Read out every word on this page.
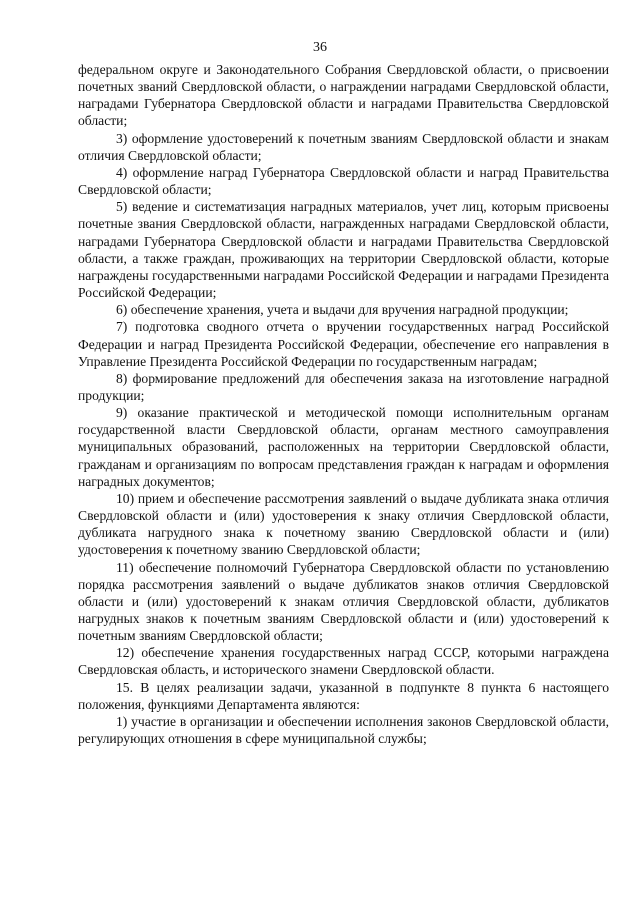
36

федеральном округе и Законодательного Собрания Свердловской области, о присвоении почетных званий Свердловской области, о награждении наградами Свердловской области, наградами Губернатора Свердловской области и наградами Правительства Свердловской области;

3) оформление удостоверений к почетным званиям Свердловской области и знакам отличия Свердловской области;

4) оформление наград Губернатора Свердловской области и наград Правительства Свердловской области;

5) ведение и систематизация наградных материалов, учет лиц, которым присвоены почетные звания Свердловской области, награжденных наградами Свердловской области, наградами Губернатора Свердловской области и наградами Правительства Свердловской области, а также граждан, проживающих на территории Свердловской области, которые награждены государственными наградами Российской Федерации и наградами Президента Российской Федерации;

6) обеспечение хранения, учета и выдачи для вручения наградной продукции;

7) подготовка сводного отчета о вручении государственных наград Российской Федерации и наград Президента Российской Федерации, обеспечение его направления в Управление Президента Российской Федерации по государственным наградам;

8) формирование предложений для обеспечения заказа на изготовление наградной продукции;

9) оказание практической и методической помощи исполнительным органам государственной власти Свердловской области, органам местного самоуправления муниципальных образований, расположенных на территории Свердловской области, гражданам и организациям по вопросам представления граждан к наградам и оформления наградных документов;

10) прием и обеспечение рассмотрения заявлений о выдаче дубликата знака отличия Свердловской области и (или) удостоверения к знаку отличия Свердловской области, дубликата нагрудного знака к почетному званию Свердловской области и (или) удостоверения к почетному званию Свердловской области;

11) обеспечение полномочий Губернатора Свердловской области по установлению порядка рассмотрения заявлений о выдаче дубликатов знаков отличия Свердловской области и (или) удостоверений к знакам отличия Свердловской области, дубликатов нагрудных знаков к почетным званиям Свердловской области и (или) удостоверений к почетным званиям Свердловской области;

12) обеспечение хранения государственных наград СССР, которыми награждена Свердловская область, и исторического знамени Свердловской области.

15. В целях реализации задачи, указанной в подпункте 8 пункта 6 настоящего положения, функциями Департамента являются:

1) участие в организации и обеспечении исполнения законов Свердловской области, регулирующих отношения в сфере муниципальной службы;
